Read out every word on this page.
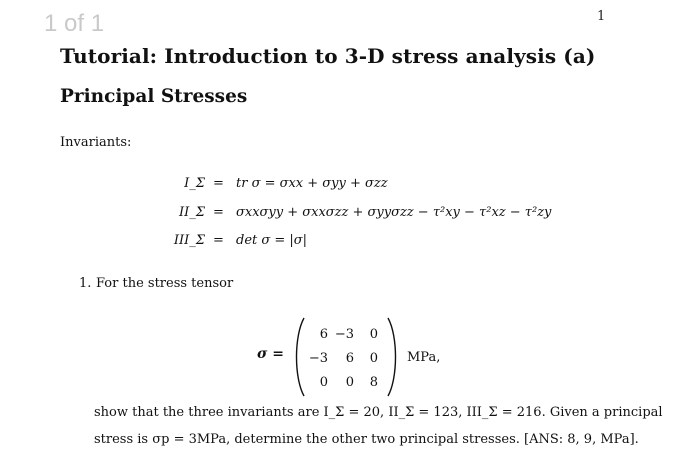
1 of 1	1
Tutorial: Introduction to 3-D stress analysis (a)
Principal Stresses
Invariants:
I_Σ = tr σ = σxx + σyy + σzz
II_Σ = σxxσyy + σxxσzz + σyyσzz − τ²xy − τ²xz − τ²zy
III_Σ = det σ = |σ|
1. For the stress tensor
σ =
6 −3	0
−3	6	0
0	0	8
MPa,
show that the three invariants are I_Σ = 20, II_Σ = 123, III_Σ = 216. Given a principal
stress is σp = 3MPa, determine the other two principal stresses. [ANS: 8, 9, MPa].
